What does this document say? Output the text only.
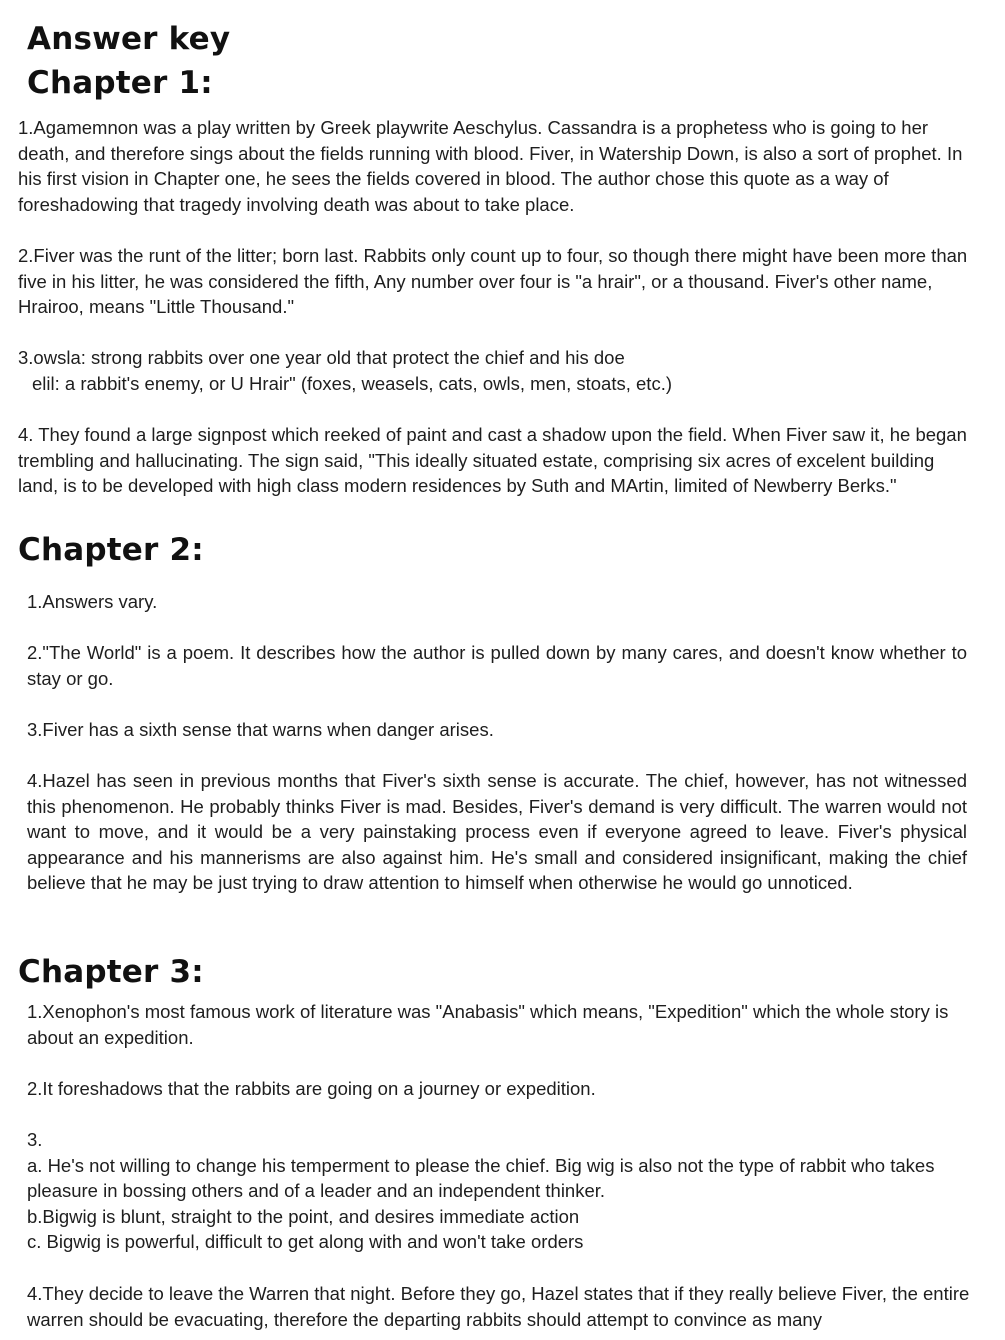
Answer key
Chapter 1:

1.Agamemnon was a play written by Greek playwrite Aeschylus. Cassandra is a prophetess who is going to her death, and therefore sings about the fields running with blood. Fiver, in Watership Down, is also a sort of prophet. In his first vision in Chapter one, he sees the fields covered in blood. The author chose this quote as a way of foreshadowing that tragedy involving death was about to take place.

2.Fiver was the runt of the litter; born last. Rabbits only count up to four, so though there might have been more than five in his litter, he was considered the fifth, Any number over four is "a hrair", or a thousand. Fiver's other name, Hrairoo, means "Little Thousand."

3.owsla: strong rabbits over one year old that protect the chief and his doe

elil: a rabbit's enemy, or U Hrair" (foxes, weasels, cats, owls, men, stoats, etc.)

4. They found a large signpost which reeked of paint and cast a shadow upon the field. When Fiver saw it, he began trembling and hallucinating. The sign said, "This ideally situated estate, comprising six acres of excelent building land, is to be developed with high class modern residences by Suth and MArtin, limited of Newberry Berks."

Chapter 2:

1.Answers vary.

2."The World" is a poem. It describes how the author is pulled down by many cares, and doesn't know whether to stay or go.

3.Fiver has a sixth sense that warns when danger arises.

4.Hazel has seen in previous months that Fiver's sixth sense is accurate. The chief, however, has not witnessed this phenomenon. He probably thinks Fiver is mad. Besides, Fiver's demand is very difficult. The warren would not want to move, and it would be a very painstaking process even if everyone agreed to leave. Fiver's physical appearance and his mannerisms are also against him. He's small and considered insignificant, making the chief believe that he may be just trying to draw attention to himself when otherwise he would go unnoticed.

Chapter 3:

1.Xenophon's most famous work of literature was "Anabasis" which means, "Expedition" which the whole story is about an expedition.

2.It foreshadows that the rabbits are going on a journey or expedition.

3.

a. He's not willing to change his temperment to please the chief. Big wig is also not the type of rabbit who takes pleasure in bossing others and of a leader and an independent thinker.

b.Bigwig is blunt, straight to the point, and desires immediate action

c. Bigwig is powerful, difficult to get along with and won't take orders

4.They decide to leave the Warren that night. Before they go, Hazel states that if they really believe Fiver, the entire warren should be evacuating, therefore the departing rabbits should attempt to convince as many
